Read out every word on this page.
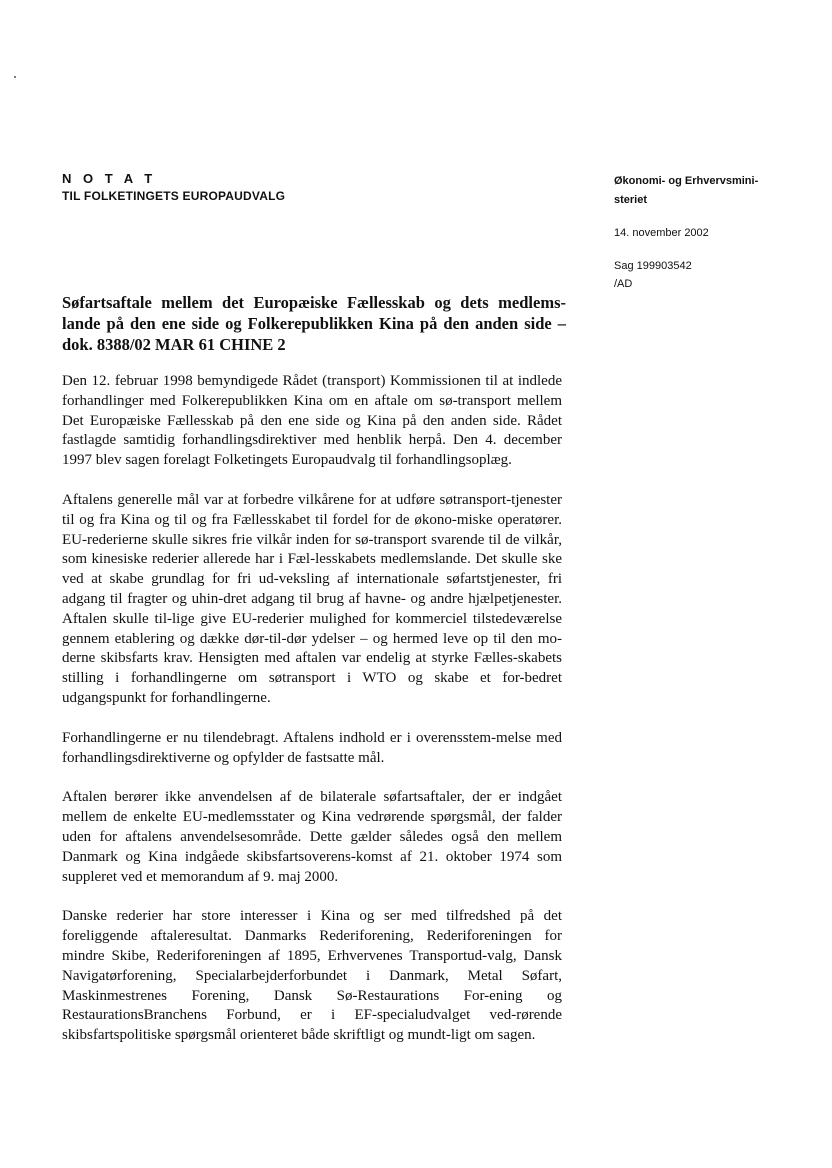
N O T A T
TIL FOLKETINGETS EUROPAUDVALG
Økonomi- og Erhvervsmini-steriet
14. november 2002
Sag 199903542
/AD
Søfartsaftale mellem det Europæiske Fællesskab og dets medlems-lande på den ene side og Folkerepublikken Kina på den anden side – dok. 8388/02 MAR 61 CHINE 2

Den 12. februar 1998 bemyndigede Rådet (transport) Kommissionen til at indlede forhandlinger med Folkerepublikken Kina om en aftale om sø-transport mellem Det Europæiske Fællesskab på den ene side og Kina på den anden side. Rådet fastlagde samtidig forhandlingsdirektiver med henblik herpå. Den 4. december 1997 blev sagen forelagt Folketingets Europaudvalg til forhandlingsoplæg.

Aftalens generelle mål var at forbedre vilkårene for at udføre søtransport-tjenester til og fra Kina og til og fra Fællesskabet til fordel for de økono-miske operatører. EU-rederierne skulle sikres frie vilkår inden for sø-transport svarende til de vilkår, som kinesiske rederier allerede har i Fæl-lesskabets medlemslande. Det skulle ske ved at skabe grundlag for fri ud-veksling af internationale søfartstjenester, fri adgang til fragter og uhin-dret adgang til brug af havne- og andre hjælpetjenester. Aftalen skulle til-lige give EU-rederier mulighed for kommerciel tilstedeværelse gennem etablering og dække dør-til-dør ydelser – og hermed leve op til den mo-derne skibsfarts krav. Hensigten med aftalen var endelig at styrke Fælles-skabets stilling i forhandlingerne om søtransport i WTO og skabe et for-bedret udgangspunkt for forhandlingerne.

Forhandlingerne er nu tilendebragt. Aftalens indhold er i overensstem-melse med forhandlingsdirektiverne og opfylder de fastsatte mål.

Aftalen berører ikke anvendelsen af de bilaterale søfartsaftaler, der er indgået mellem de enkelte EU-medlemsstater og Kina vedrørende spørgsmål, der falder uden for aftalens anvendelsesområde. Dette gælder således også den mellem Danmark og Kina indgåede skibsfartsoverens-komst af 21. oktober 1974 som suppleret ved et memorandum af 9. maj 2000.

Danske rederier har store interesser i Kina og ser med tilfredshed på det foreliggende aftaleresultat. Danmarks Rederiforening, Rederiforeningen for mindre Skibe, Rederiforeningen af 1895, Erhvervenes Transportud-valg, Dansk Navigatørforening, Specialarbejderforbundet i Danmark, Metal Søfart, Maskinmestrenes Forening, Dansk Sø-Restaurations For-ening og RestaurationsBranchens Forbund, er i EF-specialudvalget ved-rørende skibsfartspolitiske spørgsmål orienteret både skriftligt og mundt-ligt om sagen.
